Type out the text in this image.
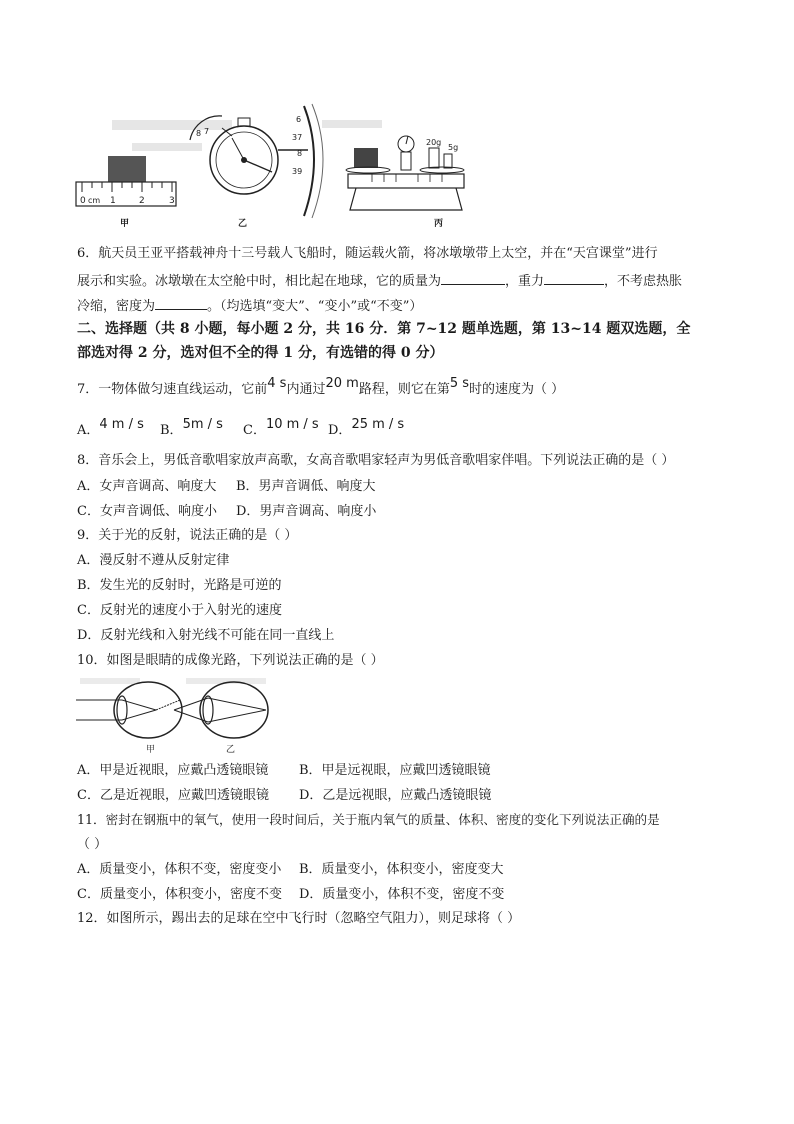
0 cm 1	2	3
甲
8 7
6
37
8
39
乙
20g
5g
丙
6．航天员王亚平搭载神舟十三号载人飞船时，随运载火箭，将冰墩墩带上太空，并在“天宫课堂”进行
展示和实验。冰墩墩在太空舱中时，相比起在地球，它的质量为	，重力	，不考虑热胀
冷缩，密度为	。（均选填“变大”、“变小”或“不变”）
二、选择题（共 8 小题，每小题 2 分，共 16 分．第 7~12 题单选题，第 13~14 题双选题，全
部选对得 2 分，选对但不全的得 1 分，有选错的得 0 分）
7．一物体做匀速直线运动，它前4 s内通过20 m路程，则它在第5 s时的速度为（ ）
A．4 m / s B．5m / s C．10 m / s D．25 m / s
8．音乐会上，男低音歌唱家放声高歌，女高音歌唱家轻声为男低音歌唱家伴唱。下列说法正确的是（ ）
A．女声音调高、响度大 B．男声音调低、响度大
C．女声音调低、响度小 D．男声音调高、响度小
9．关于光的反射，说法正确的是（ ）
A．漫反射不遵从反射定律
B．发生光的反射时，光路是可逆的
C．反射光的速度小于入射光的速度
D．反射光线和入射光线不可能在同一直线上
10．如图是眼睛的成像光路，下列说法正确的是（ ）
甲	乙
A．甲是近视眼，应戴凸透镜眼镜 B．甲是远视眼，应戴凹透镜眼镜
C．乙是近视眼，应戴凹透镜眼镜 D．乙是远视眼，应戴凸透镜眼镜
11．密封在钢瓶中的氧气，使用一段时间后，关于瓶内氧气的质量、体积、密度的变化下列说法正确的是
（ ）
A．质量变小，体积不变，密度变小 B．质量变小，体积变小，密度变大
C．质量变小，体积变小，密度不变 D．质量变小，体积不变，密度不变
12．如图所示，踢出去的足球在空中飞行时（忽略空气阻力），则足球将（ ）
